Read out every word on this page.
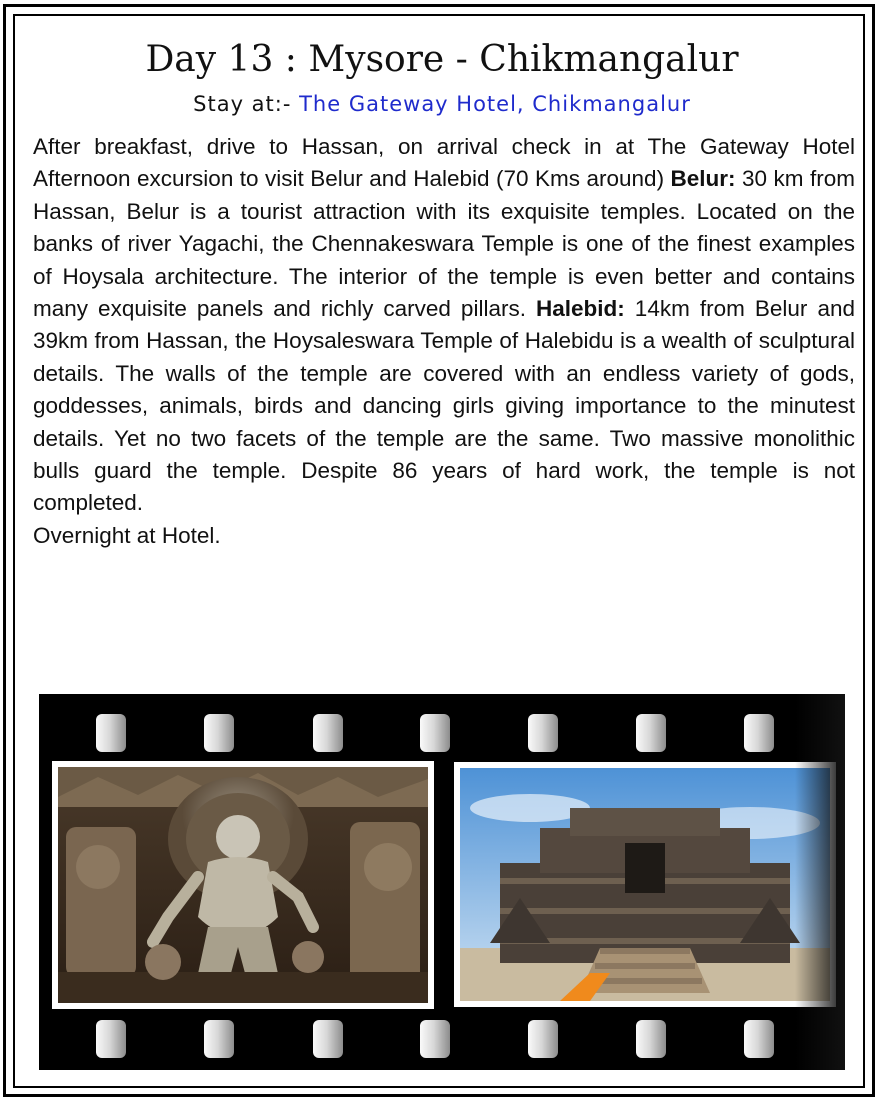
Day 13 : Mysore - Chikmangalur
Stay at:- The Gateway Hotel, Chikmangalur

After breakfast, drive to Hassan, on arrival check in at The Gateway Hotel Afternoon excursion to visit Belur and Halebid (70 Kms around) Belur: 30 km from Hassan, Belur is a tourist attraction with its exquisite temples. Located on the banks of river Yagachi, the Chennakeswara Temple is one of the finest examples of Hoysala architecture. The interior of the temple is even better and contains many exquisite panels and richly carved pillars. Halebid: 14km from Belur and 39km from Hassan, the Hoysaleswara Temple of Halebidu is a wealth of sculptural details. The walls of the temple are covered with an endless variety of gods, goddesses, animals, birds and dancing girls giving importance to the minutest details. Yet no two facets of the temple are the same. Two massive monolithic bulls guard the temple. Despite 86 years of hard work, the temple is not completed.

Overnight at Hotel.
